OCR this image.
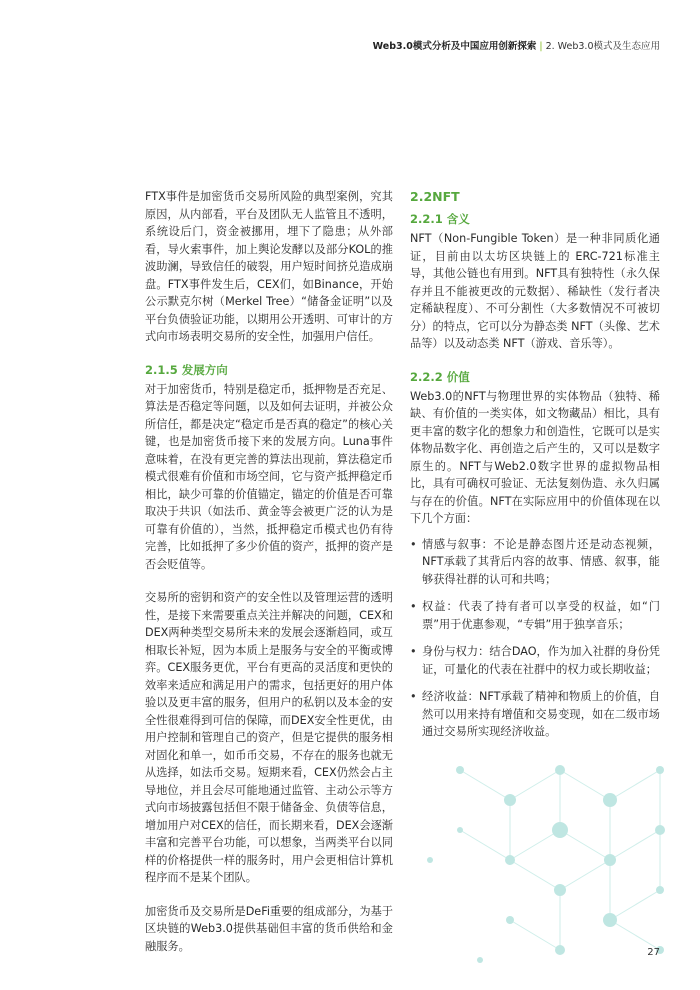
Web3.0模式分析及中国应用创新探索 | 2. Web3.0模式及生态应用

FTX事件是加密货币交易所风险的典型案例，究其原因，从内部看，平台及团队无人监管且不透明，系统设后门，资金被挪用，埋下了隐患；从外部看，导火索事件，加上舆论发酵以及部分KOL的推波助澜，导致信任的破裂，用户短时间挤兑造成崩盘。FTX事件发生后，CEX们，如Binance，开始公示默克尔树（Merkel Tree）“储备金证明”以及平台负债验证功能，以期用公开透明、可审计的方式向市场表明交易所的安全性，加强用户信任。

2.1.5 发展方向

对于加密货币，特别是稳定币，抵押物是否充足、算法是否稳定等问题，以及如何去证明，并被公众所信任，都是决定“稳定币是否真的稳定”的核心关键，也是加密货币接下来的发展方向。Luna事件意味着，在没有更完善的算法出现前，算法稳定币模式很难有价值和市场空间，它与资产抵押稳定币相比，缺少可靠的价值锚定，锚定的价值是否可靠取决于共识（如法币、黄金等会被更广泛的认为是可靠有价值的），当然，抵押稳定币模式也仍有待完善，比如抵押了多少价值的资产，抵押的资产是否会贬值等。

交易所的密钥和资产的安全性以及管理运营的透明性，是接下来需要重点关注并解决的问题，CEX和DEX两种类型交易所未来的发展会逐渐趋同，或互相取长补短，因为本质上是服务与安全的平衡或博弈。CEX服务更优，平台有更高的灵活度和更快的效率来适应和满足用户的需求，包括更好的用户体验以及更丰富的服务，但用户的私钥以及本金的安全性很难得到可信的保障，而DEX安全性更优，由用户控制和管理自己的资产，但是它提供的服务相对固化和单一，如币币交易，不存在的服务也就无从选择，如法币交易。短期来看，CEX仍然会占主导地位，并且会尽可能地通过监管、主动公示等方式向市场披露包括但不限于储备金、负债等信息，增加用户对CEX的信任，而长期来看，DEX会逐渐丰富和完善平台功能，可以想象，当两类平台以同样的价格提供一样的服务时，用户会更相信计算机程序而不是某个团队。

加密货币及交易所是DeFi重要的组成部分，为基于区块链的Web3.0提供基础但丰富的货币供给和金融服务。

2.2NFT
2.2.1 含义

NFT（Non-Fungible Token）是一种非同质化通证，目前由以太坊区块链上的 ERC-721标准主导，其他公链也有用到。NFT具有独特性（永久保存并且不能被更改的元数据）、稀缺性（发行者决定稀缺程度）、不可分割性（大多数情况不可被切分）的特点，它可以分为静态类 NFT（头像、艺术品等）以及动态类 NFT（游戏、音乐等）。

2.2.2 价值

Web3.0的NFT与物理世界的实体物品（独特、稀缺、有价值的一类实体，如文物藏品）相比，具有更丰富的数字化的想象力和创造性，它既可以是实体物品数字化、再创造之后产生的，又可以是数字原生的。NFT与Web2.0数字世界的虚拟物品相比，具有可确权可验证、无法复刻伪造、永久归属与存在的价值。NFT在实际应用中的价值体现在以下几个方面：

• 情感与叙事：不论是静态图片还是动态视频，NFT承载了其背后内容的故事、情感、叙事，能够获得社群的认可和共鸣；
• 权益：代表了持有者可以享受的权益，如“门票”用于优惠参观，“专辑”用于独享音乐；
• 身份与权力：结合DAO，作为加入社群的身份凭证，可量化的代表在社群中的权力或长期收益；
• 经济收益：NFT承载了精神和物质上的价值，自然可以用来持有增值和交易变现，如在二级市场通过交易所实现经济收益。
27
